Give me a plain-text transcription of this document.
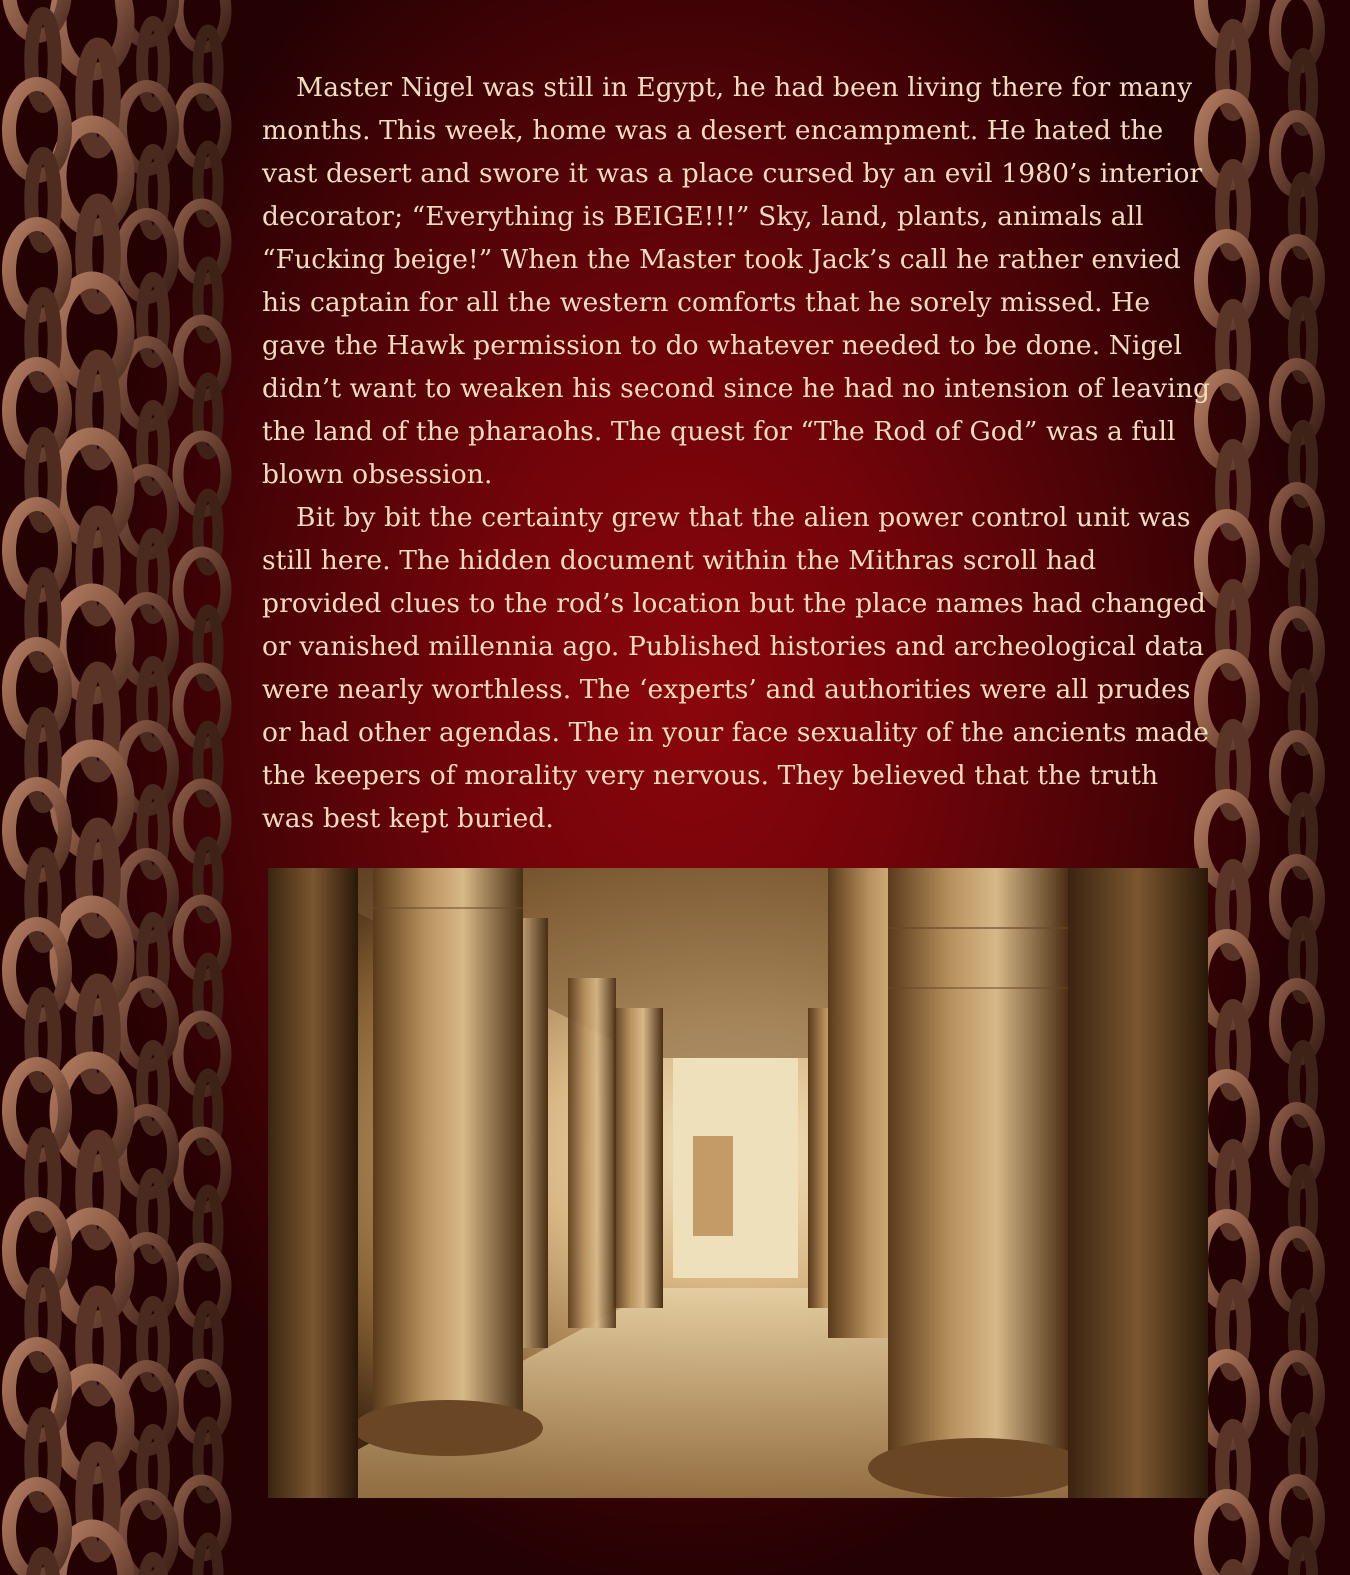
Master Nigel was still in Egypt, he had been living there for many months. This week, home was a desert encampment. He hated the vast desert and swore it was a place cursed by an evil 1980’s interior decorator; “Everything is BEIGE!!!” Sky, land, plants, animals all “Fucking beige!” When the Master took Jack’s call he rather envied his captain for all the western comforts that he sorely missed. He gave the Hawk permission to do whatever needed to be done. Nigel didn’t want to weaken his second since he had no intension of leaving the land of the pharaohs. The quest for “The Rod of God” was a full blown obsession.

Bit by bit the certainty grew that the alien power control unit was still here. The hidden document within the Mithras scroll had provided clues to the rod’s location but the place names had changed or vanished millennia ago. Published histories and archeological data were nearly worthless. The ‘experts’ and authorities were all prudes or had other agendas. The in your face sexuality of the ancients made the keepers of morality very nervous. They believed that the truth was best kept buried.
